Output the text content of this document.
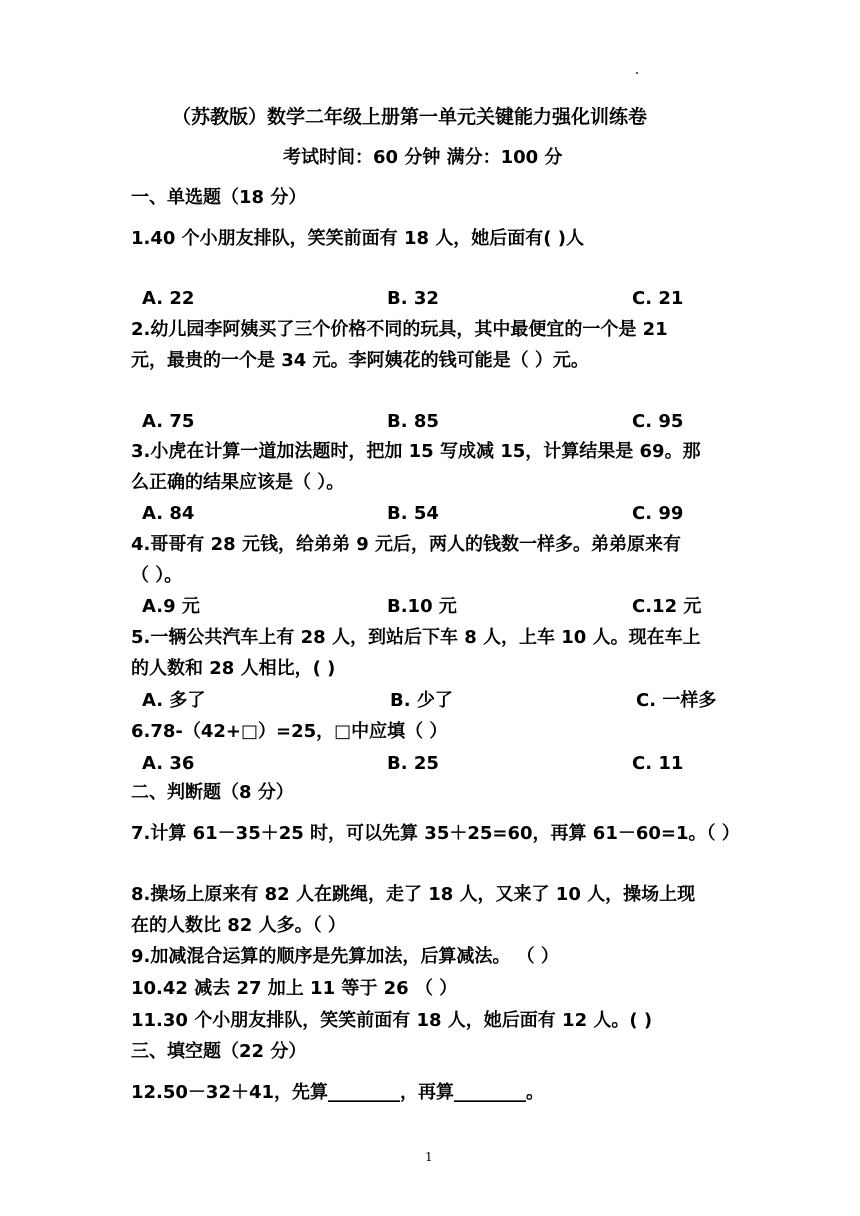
（苏教版）数学二年级上册第一单元关键能力强化训练卷
考试时间：60 分钟 满分：100 分
一、单选题（18 分）
1.40 个小朋友排队，笑笑前面有 18 人，她后面有( )人
A. 22	B. 32	C. 21
2.幼儿园李阿姨买了三个价格不同的玩具，其中最便宜的一个是 21
元，最贵的一个是 34 元。李阿姨花的钱可能是（ ）元。
A. 75	B. 85	C. 95
3.小虎在计算一道加法题时，把加 15 写成减 15，计算结果是 69。那
么正确的结果应该是（ ）。
A. 84	B. 54	C. 99
4.哥哥有 28 元钱，给弟弟 9 元后，两人的钱数一样多。弟弟原来有
（ ）。
A.9 元	B.10 元	C.12 元
5.一辆公共汽车上有 28 人，到站后下车 8 人，上车 10 人。现在车上
的人数和 28 人相比，( )
A. 多了	B. 少了	C. 一样多
6.78-（42+□）=25，□中应填（ ）
A. 36	B. 25	C. 11
二、判断题（8 分）
7.计算 61－35＋25 时，可以先算 35＋25=60，再算 61－60=1。（ ）
8.操场上原来有 82 人在跳绳，走了 18 人，又来了 10 人，操场上现
在的人数比 82 人多。（ ）
9.加减混合运算的顺序是先算加法，后算减法。 （ ）
10.42 减去 27 加上 11 等于 26 （ ）
11.30 个小朋友排队，笑笑前面有 18 人，她后面有 12 人。( )
三、填空题（22 分）
12.50－32＋41，先算________，再算________。
1
